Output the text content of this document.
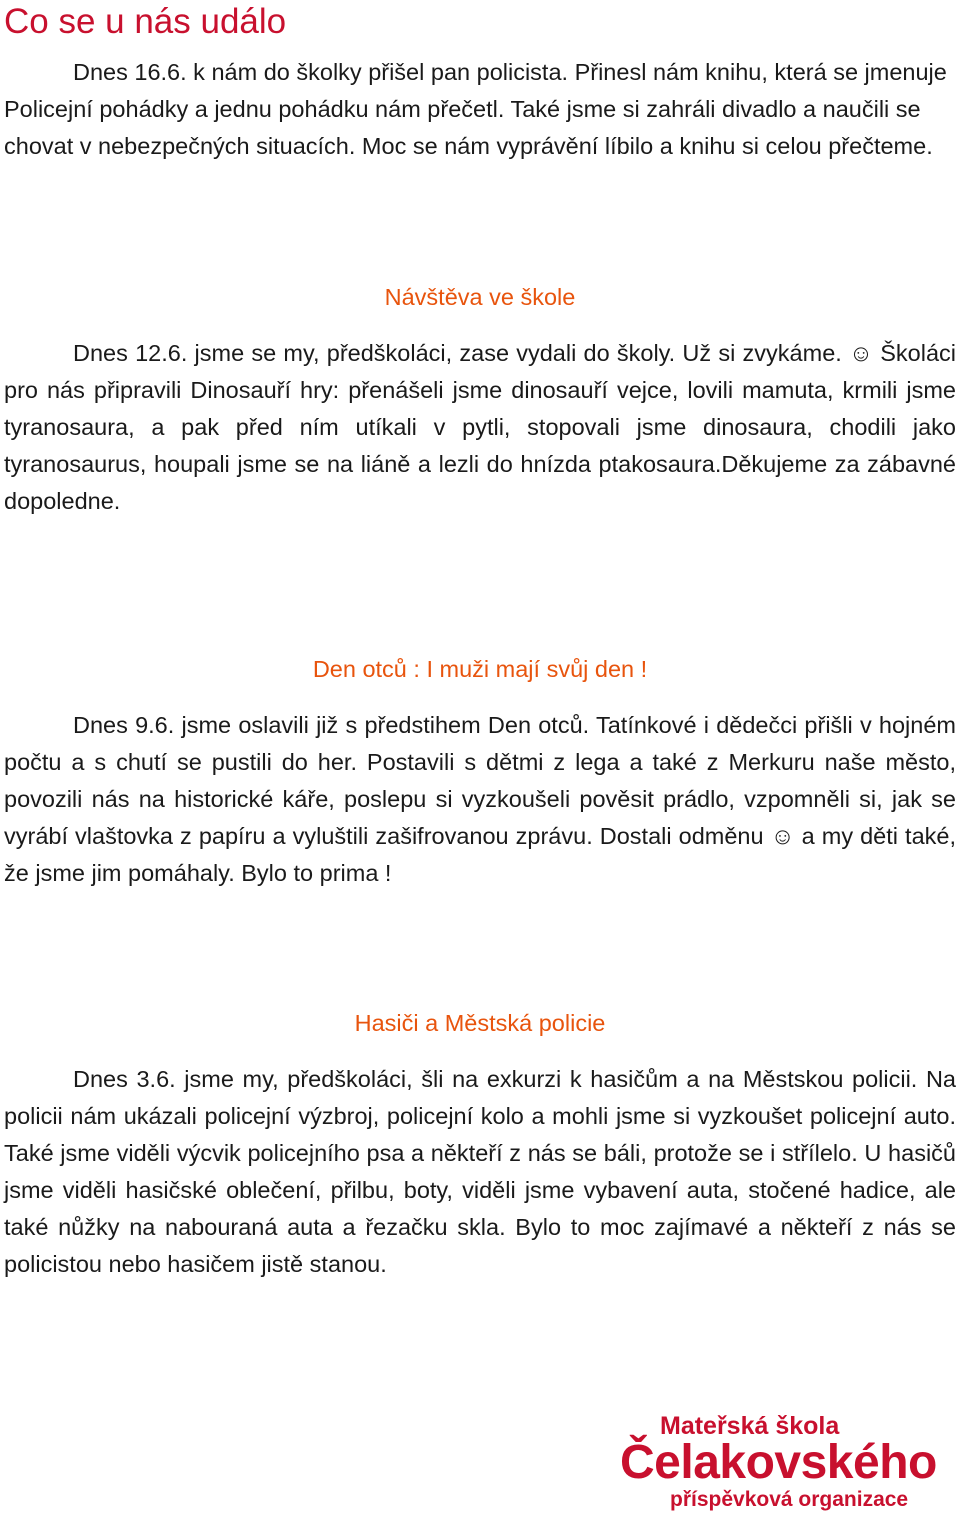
Co se u nás událo

Dnes 16.6. k nám do školky přišel pan policista. Přinesl nám knihu, která se jmenuje Policejní pohádky a jednu pohádku nám přečetl. Také jsme si zahráli divadlo a naučili se chovat v nebezpečných situacích. Moc se nám vyprávění líbilo a knihu si celou přečteme.

Návštěva ve škole

Dnes 12.6. jsme se my, předškoláci, zase vydali do školy. Už si zvykáme. ☺ Školáci pro nás připravili Dinosauří hry: přenášeli jsme dinosauří vejce, lovili mamuta, krmili jsme tyranosaura, a pak před ním utíkali v pytli, stopovali jsme dinosaura, chodili jako tyranosaurus, houpali jsme se na liáně a lezli do hnízda ptakosaura.Děkujeme za zábavné dopoledne.

Den otců : I muži mají svůj den !

Dnes 9.6. jsme oslavili již s předstihem Den otců. Tatínkové i dědečci přišli v hojném počtu a s chutí se pustili do her. Postavili s dětmi z lega a také z Merkuru naše město, povozili nás na historické káře, poslepu si vyzkoušeli pověsit prádlo, vzpomněli si, jak se vyrábí vlaštovka z papíru a vyluštili zašifrovanou zprávu. Dostali odměnu ☺ a my děti také, že jsme jim pomáhaly. Bylo to prima !

Hasiči a Městská policie

Dnes 3.6. jsme my, předškoláci, šli na exkurzi k hasičům a na Městskou policii. Na policii nám ukázali policejní výzbroj, policejní kolo a mohli jsme si vyzkoušet policejní auto. Také jsme viděli výcvik policejního psa a někteří z nás se báli, protože se i střílelo. U hasičů jsme viděli hasičské oblečení, přilbu, boty, viděli jsme vybavení auta, stočené hadice, ale také nůžky na nabouraná auta a řezačku skla. Bylo to moc zajímavé a někteří z nás se policistou nebo hasičem jistě stanou.

Mateřská škola
Čelakovského
příspěvková organizace
